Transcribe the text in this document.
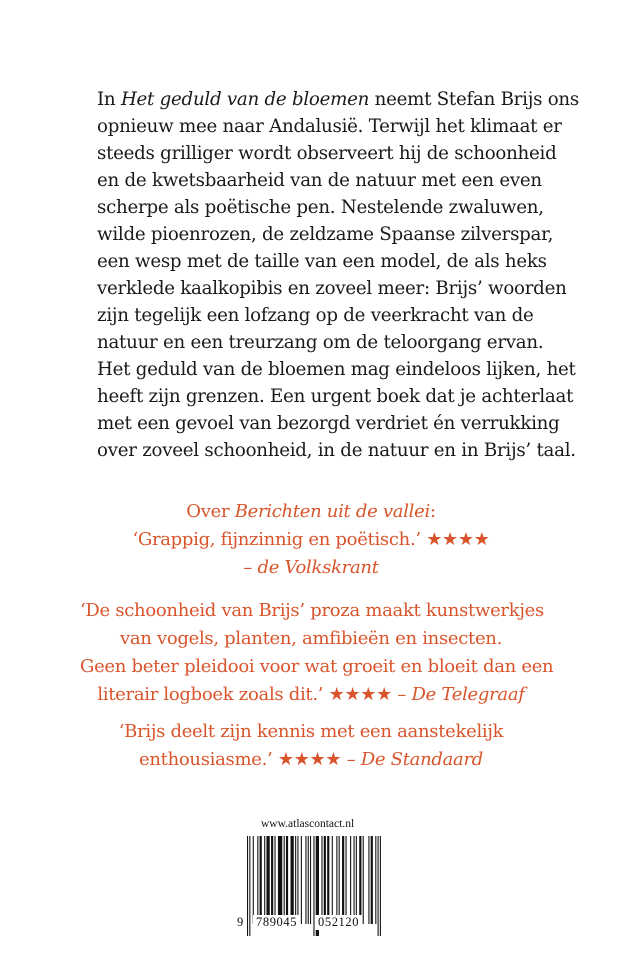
In Het geduld van de bloemen neemt Stefan Brijs ons
opnieuw mee naar Andalusië. Terwijl het klimaat er
steeds grilliger wordt observeert hij de schoonheid
en de kwetsbaarheid van de natuur met een even
scherpe als poëtische pen. Nestelende zwaluwen,
wilde pioenrozen, de zeldzame Spaanse zilverspar,
een wesp met de taille van een model, de als heks
verklede kaalkopibis en zoveel meer: Brijs’ woorden
zijn tegelijk een lofzang op de veerkracht van de
natuur en een treurzang om de teloorgang ervan.
Het geduld van de bloemen mag eindeloos lijken, het
heeft zijn grenzen. Een urgent boek dat je achterlaat
met een gevoel van bezorgd verdriet én verrukking
over zoveel schoonheid, in de natuur en in Brijs’ taal.

Over Berichten uit de vallei:
‘Grappig, fijnzinnig en poëtisch.’ ★★★★
– de Volkskrant

‘De schoonheid van Brijs’ proza maakt kunstwerkjes
van vogels, planten, amfibieën en insecten.
Geen beter pleidooi voor wat groeit en bloeit dan een
literair logboek zoals dit.’ ★★★★ – De Telegraaf

‘Brijs deelt zijn kennis met een aanstekelijk
enthousiasme.’ ★★★★ – De Standaard

www.atlascontact.nl
9 789045 052120
